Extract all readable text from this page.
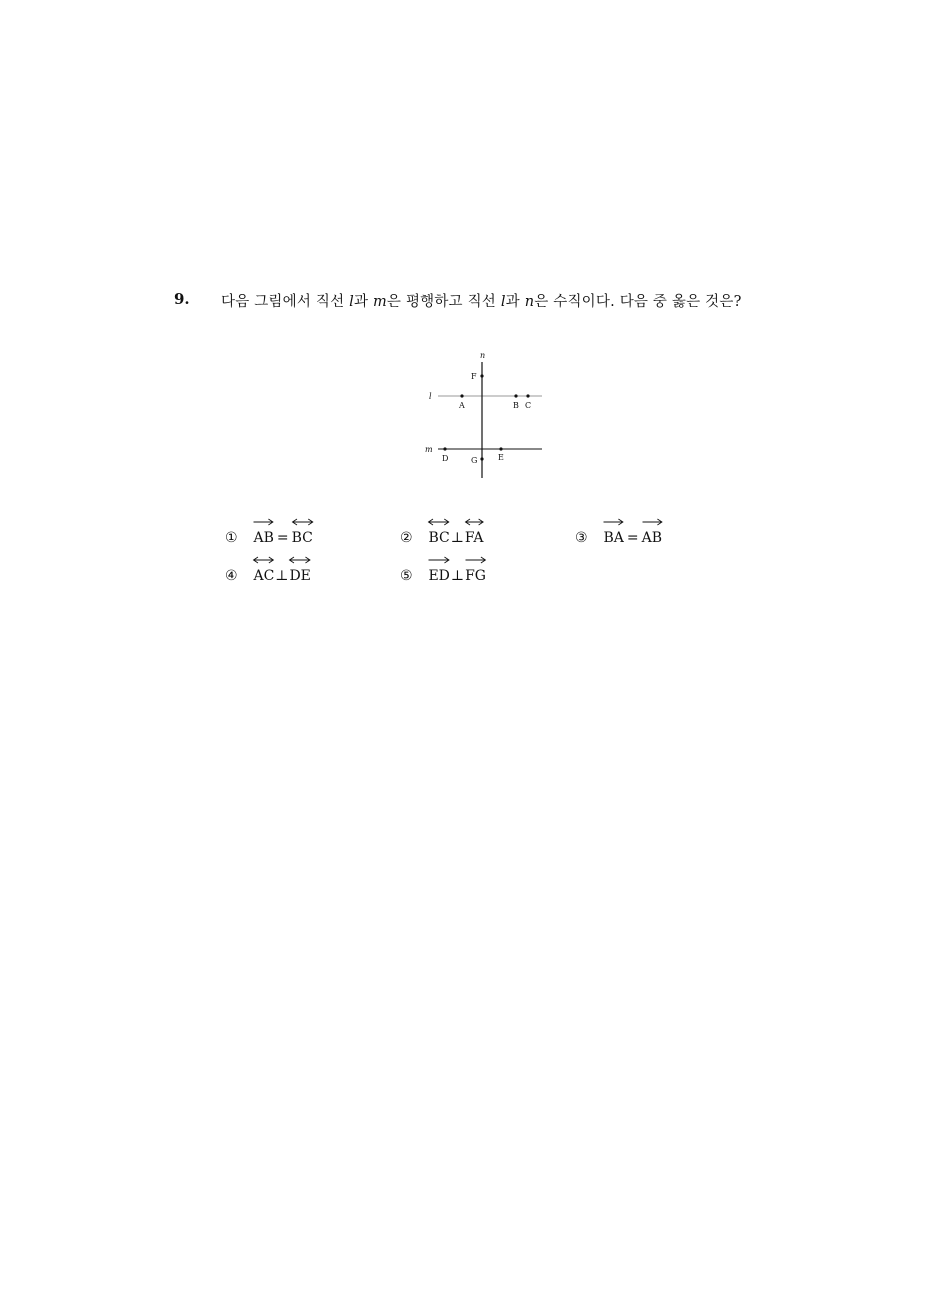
9. 다음 그림에서 직선 l과 m은 평행하고 직선 l과 n은 수직이다. 다음 중 옳은 것은?
n
l
m
F
A	B C
D	E
G
① AB = BC	② BC⊥
FA	③ BA = AB
④ AC⊥
DE	⑤ ED⊥
FG
